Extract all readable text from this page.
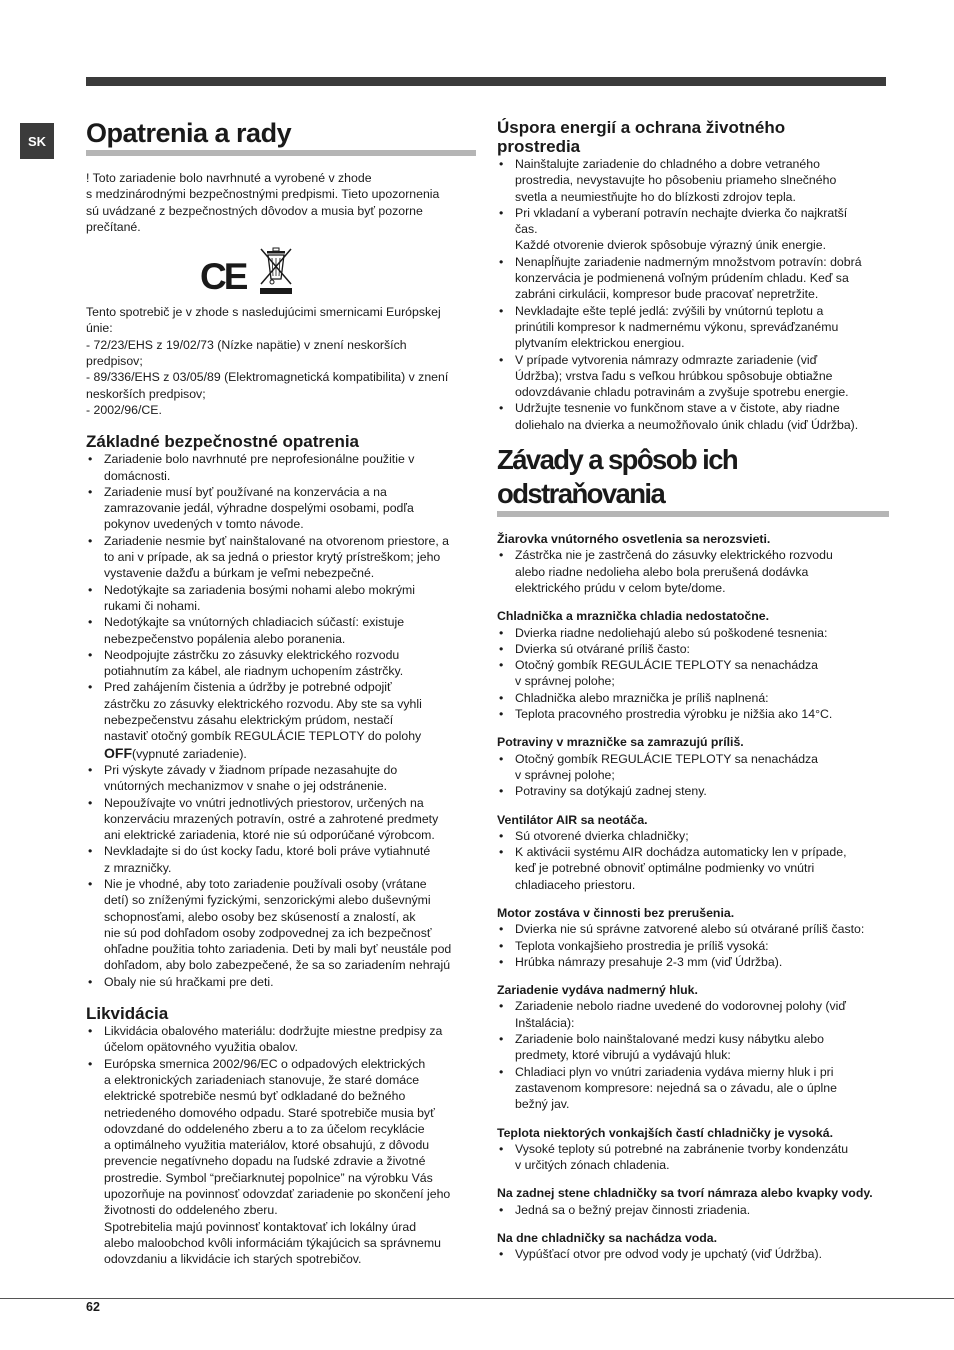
SK Opatrenia a rady

! Toto zariadenie bolo navrhnuté a vyrobené v zhode
s medzinárodnými bezpečnostnými predpismi. Tieto upozornenia
sú uvádzané z bezpečnostných dôvodov a musia byť pozorne
prečítané.

CE

Tento spotrebič je v zhode s nasledujúcimi smernicami Európskej
únie:
- 72/23/EHS z 19/02/73 (Nízke napätie) v znení neskorších
predpisov;
- 89/336/EHS z 03/05/89 (Elektromagnetická kompatibilita) v znení
neskorších predpisov;
- 2002/96/CE.

Základné bezpečnostné opatrenia
• Zariadenie bolo navrhnuté pre neprofesionálne použitie v
domácnosti.
• Zariadenie musí byť používané na konzervácia a na
zamrazovanie jedál, výhradne dospelými osobami, podľa
pokynov uvedených v tomto návode.
• Zariadenie nesmie byť nainštalované na otvorenom priestore, a
to ani v prípade, ak sa jedná o priestor krytý prístreškom; jeho
vystavenie dažďu a búrkam je veľmi nebezpečné.
• Nedotýkajte sa zariadenia bosými nohami alebo mokrými
rukami či nohami.
• Nedotýkajte sa vnútorných chladiacich súčastí: existuje
nebezpečenstvo popálenia alebo poranenia.
• Neodpojujte zástrčku zo zásuvky elektrického rozvodu
potiahnutím za kábel, ale riadnym uchopením zástrčky.
• Pred zahájením čistenia a údržby je potrebné odpojiť
zástrčku zo zásuvky elektrického rozvodu. Aby ste sa vyhli
nebezpečenstvu zásahu elektrickým prúdom, nestačí
nastaviť otočný gombík REGULÁCIE TEPLOTY do polohy
OFF(vypnuté zariadenie).
• Pri výskyte závady v žiadnom prípade nezasahujte do
vnútorných mechanizmov v snahe o jej odstránenie.
• Nepoužívajte vo vnútri jednotlivých priestorov, určených na
konzerváciu mrazených potravín, ostré a zahrotené predmety
ani elektrické zariadenia, ktoré nie sú odporúčané výrobcom.
• Nevkladajte si do úst kocky ľadu, ktoré boli práve vytiahnuté
z mrazničky.
• Nie je vhodné, aby toto zariadenie používali osoby (vrátane
detí) so zníženými fyzickými, senzorickými alebo duševnými
schopnosťami, alebo osoby bez skúseností a znalostí, ak
nie sú pod dohľadom osoby zodpovednej za ich bezpečnosť
ohľadne použitia tohto zariadenia. Deti by mali byť neustále pod
dohľadom, aby bolo zabezpečené, že sa so zariadením nehrajú
• Obaly nie sú hračkami pre deti.
Likvidácia
• Likvidácia obalového materiálu: dodržujte miestne predpisy za
účelom opätovného využitia obalov.
• Európska smernica 2002/96/EC o odpadových elektrických
a elektronických zariadeniach stanovuje, že staré domáce
elektrické spotrebiče nesmú byť odkladané do bežného
netriedeného domového odpadu. Staré spotrebiče musia byť
odovzdané do oddeleného zberu a to za účelom recyklácie
a optimálneho využitia materiálov, ktoré obsahujú, z dôvodu
prevencie negatívneho dopadu na ľudské zdravie a životné
prostredie. Symbol “prečiarknutej popolnice” na výrobku Vás
upozorňuje na povinnosť odovzdať zariadenie po skončení jeho
životnosti do oddeleného zberu.
Spotrebitelia majú povinnosť kontaktovať ich lokálny úrad
alebo maloobchod kvôli informáciám týkajúcich sa správnemu
odovzdaniu a likvidácie ich starých spotrebičov.
Úspora energií a ochrana životného
prostredia
• Nainštalujte zariadenie do chladného a dobre vetraného
prostredia, nevystavujte ho pôsobeniu priameho slnečného
svetla a neumiestňujte ho do blízkosti zdrojov tepla.
• Pri vkladaní a vyberaní potravín nechajte dvierka čo najkratší
čas.
Každé otvorenie dvierok spôsobuje výrazný únik energie.
• Nenapĺňujte zariadenie nadmerným množstvom potravín: dobrá
konzervácia je podmienená voľným prúdením chladu. Keď sa
zabráni cirkulácii, kompresor bude pracovať nepretržite.
• Nevkladajte ešte teplé jedlá: zvýšili by vnútornú teplotu a
prinútili kompresor k nadmernému výkonu, spreváďzanému
plytvaním elektrickou energiou.
• V prípade vytvorenia námrazy odmrazte zariadenie (viď
Údržba); vrstva ľadu s veľkou hrúbkou spôsobuje obtiažne
odovzdávanie chladu potravinám a zvyšuje spotrebu energie.
• Udržujte tesnenie vo funkčnom stave a v čistote, aby riadne
doliehalo na dvierka a neumožňovalo únik chladu (viď Údržba).
Závady a spôsob ich odstraňovania

Žiarovka vnútorného osvetlenia sa nerozsvieti.

• Zástrčka nie je zastrčená do zásuvky elektrického rozvodu
alebo riadne nedolieha alebo bola prerušená dodávka
elektrického prúdu v celom byte/dome.

Chladnička a mraznička chladia nedostatočne.

• Dvierka riadne nedoliehajú alebo sú poškodené tesnenia:
• Dvierka sú otvárané príliš často:
• Otočný gombík REGULÁCIE TEPLOTY sa nenachádza
v správnej polohe;
• Chladnička alebo mraznička je príliš naplnená:
• Teplota pracovného prostredia výrobku je nižšia ako 14°C.

Potraviny v mrazničke sa zamrazujú príliš.

• Otočný gombík REGULÁCIE TEPLOTY sa nenachádza
v správnej polohe;
• Potraviny sa dotýkajú zadnej steny.

Ventilátor AIR sa neotáča.

• Sú otvorené dvierka chladničky;
• K aktivácii systému AIR dochádza automaticky len v prípade,
keď je potrebné obnoviť optimálne podmienky vo vnútri
chladiaceho priestoru.

Motor zostáva v činnosti bez prerušenia.

• Dvierka nie sú správne zatvorené alebo sú otvárané príliš často:
• Teplota vonkajšieho prostredia je príliš vysoká:
• Hrúbka námrazy presahuje 2-3 mm (viď Údržba).

Zariadenie vydáva nadmerný hluk.

• Zariadenie nebolo riadne uvedené do vodorovnej polohy (viď
Inštalácia):
• Zariadenie bolo nainštalované medzi kusy nábytku alebo
predmety, ktoré vibrujú a vydávajú hluk:
• Chladiaci plyn vo vnútri zariadenia vydáva mierny hluk i pri
zastavenom kompresore: nejedná sa o závadu, ale o úplne
bežný jav.

Teplota niektorých vonkajších častí chladničky je vysoká.

• Vysoké teploty sú potrebné na zabránenie tvorby kondenzátu
v určitých zónach chladenia.

Na zadnej stene chladničky sa tvorí námraza alebo kvapky vody.

• Jedná sa o bežný prejav činnosti zriadenia.

Na dne chladničky sa nachádza voda.

• Vypúšťací otvor pre odvod vody je upchatý (viď Údržba).
62
